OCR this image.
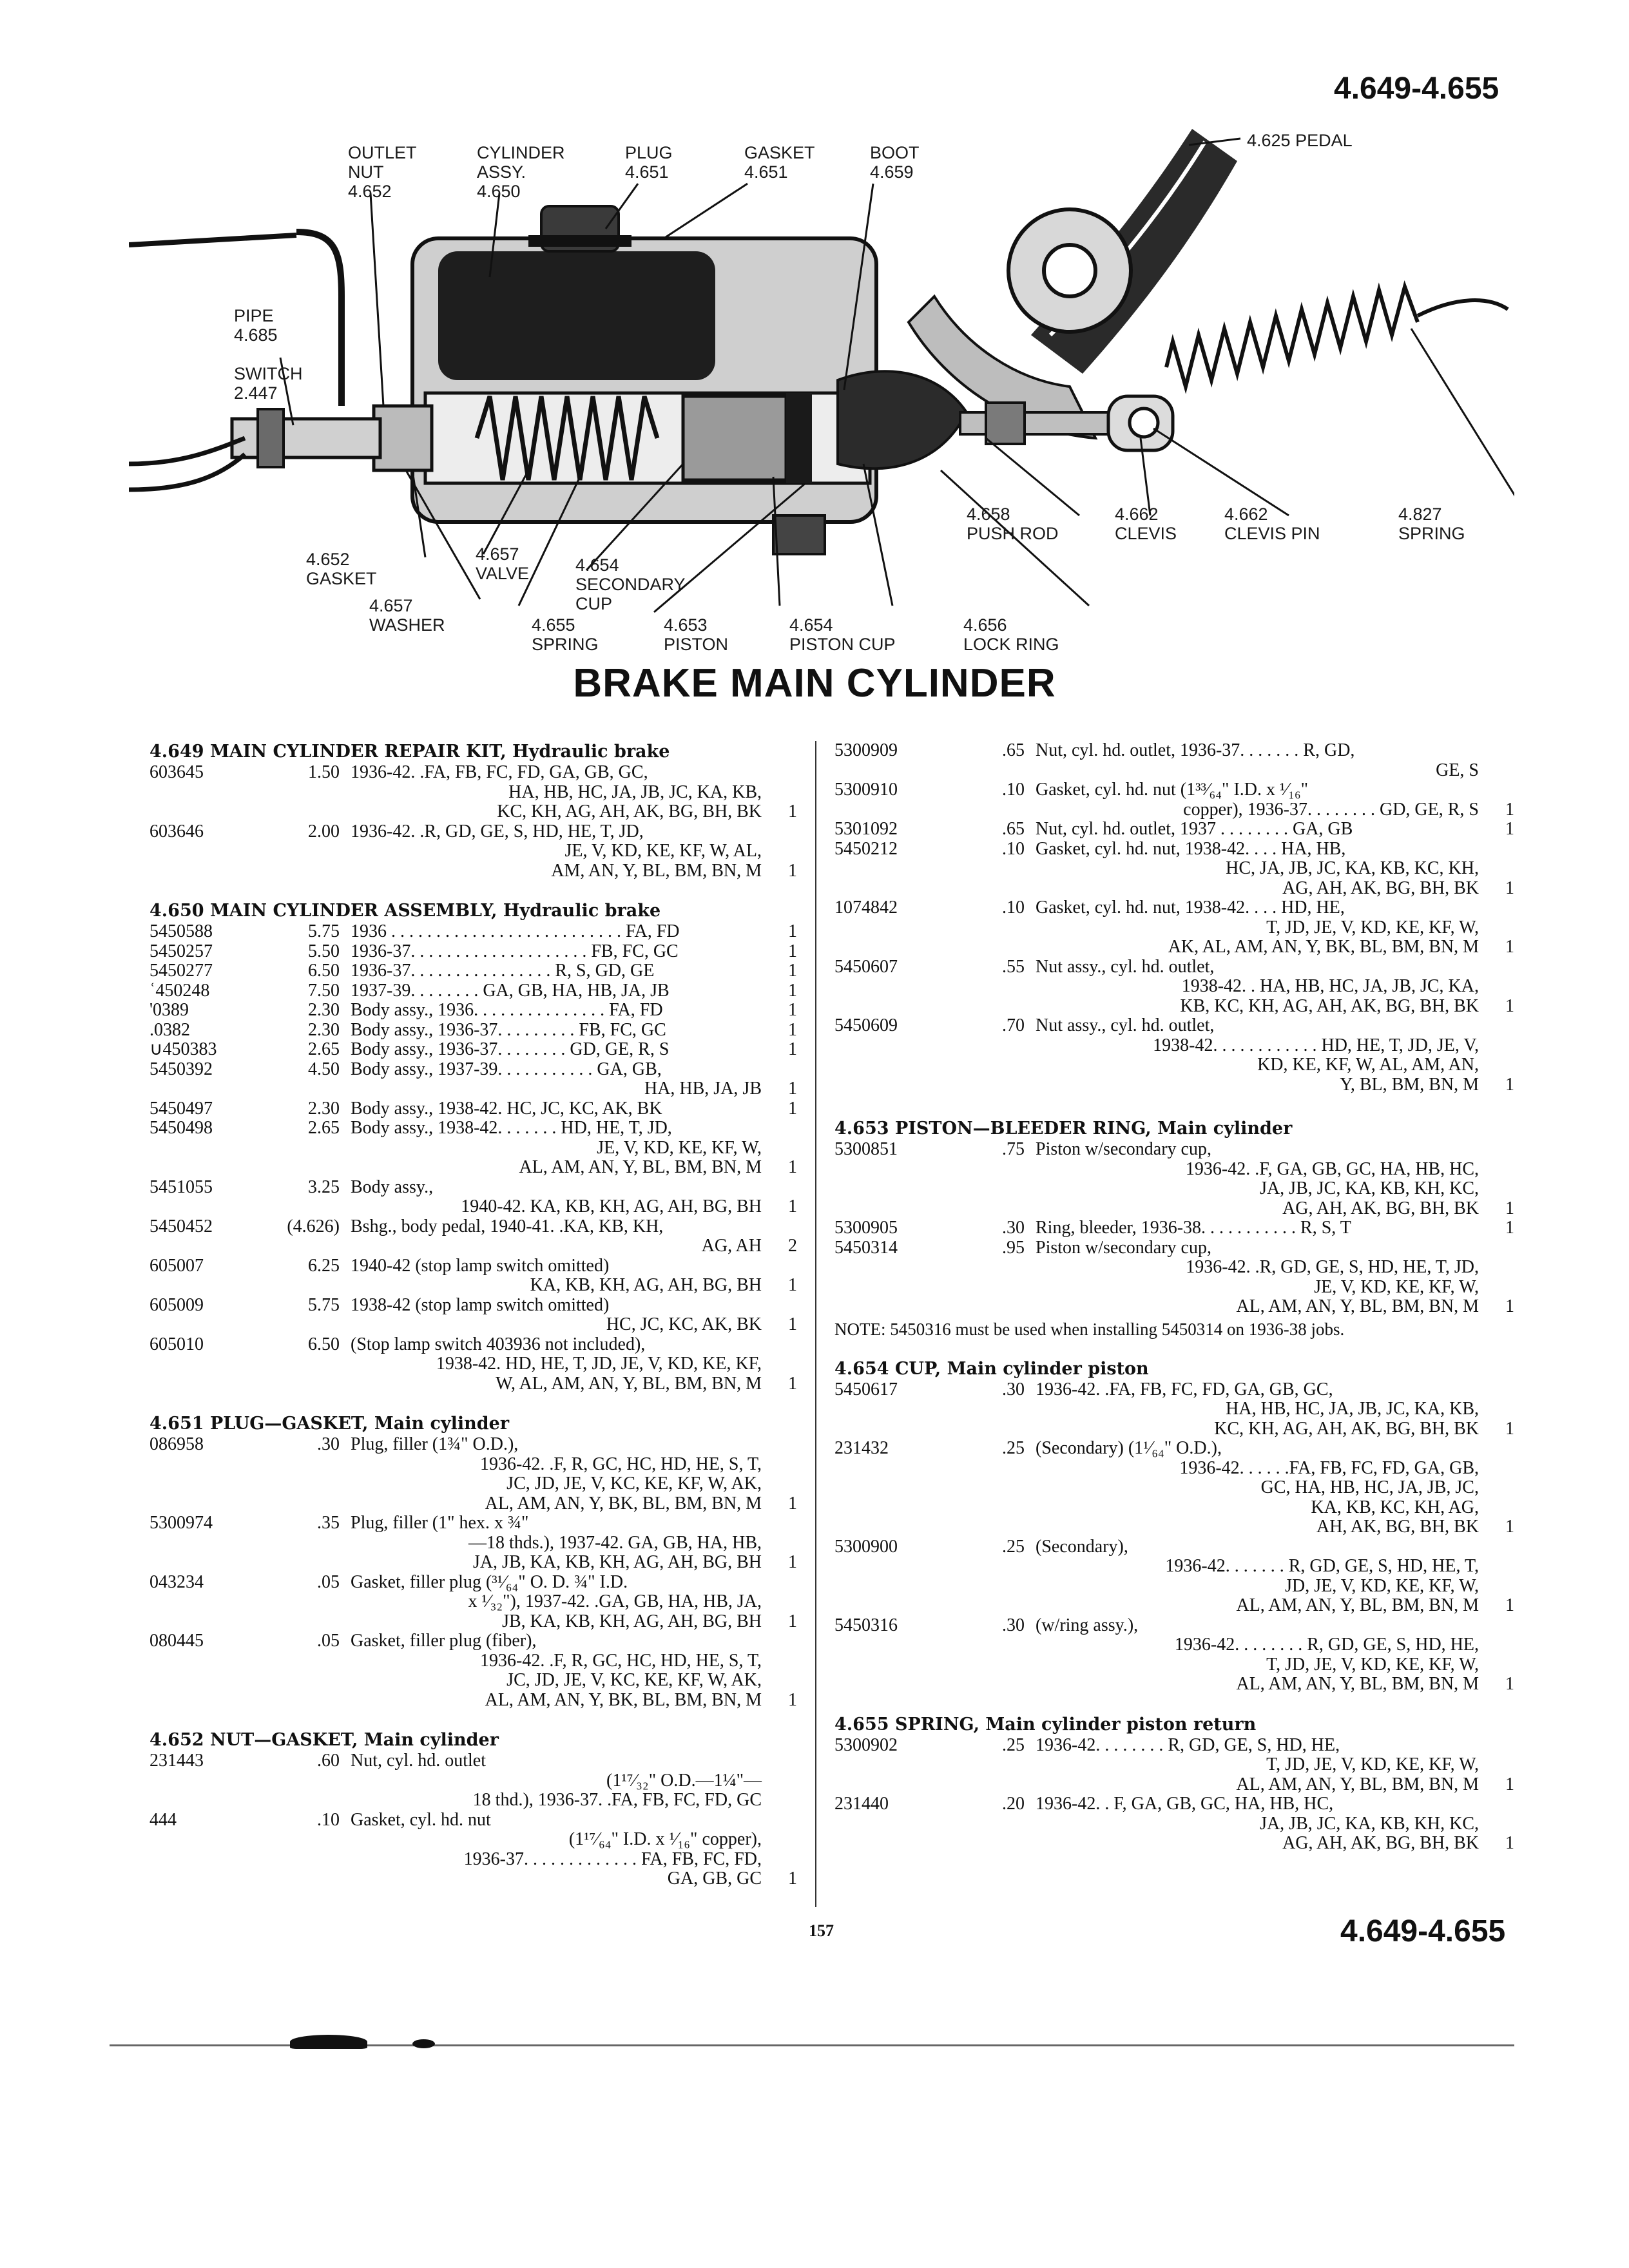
4.649-4.655
OUTLET
NUT
4.652
CYLINDER
ASSY.
4.650
PLUG
4.651
GASKET
4.651
BOOT
4.659
4.625 PEDAL
PIPE
4.685
SWITCH
2.447
4.658
PUSH ROD
4.662
CLEVIS
4.662
CLEVIS PIN
4.827
SPRING
4.652
GASKET
4.657
VALVE	4.654
SECONDARY
CUP
4.657
WASHER	4.655
SPRING
4.653
PISTON
4.654
PISTON CUP
4.656
LOCK RING
BRAKE MAIN CYLINDER
4.649 MAIN CYLINDER REPAIR KIT, Hydraulic brake
603645	1.50 1936-42. .FA, FB, FC, FD, GA, GB, GC,
HA, HB, HC, JA, JB, JC, KA, KB,
KC, KH, AG, AH, AK, BG, BH, BK	1
603646	2.00 1936-42. .R, GD, GE, S, HD, HE, T, JD,
JE, V, KD, KE, KF, W, AL,
AM, AN, Y, BL, BM, BN, M	1
4.650 MAIN CYLINDER ASSEMBLY, Hydraulic brake
5450588	5.75 1936 . . . . . . . . . . . . . . . . . . . . . . . . . . FA, FD	1
5450257	5.50 1936-37. . . . . . . . . . . . . . . . . . . . FB, FC, GC	1
5450277	6.50 1936-37. . . . . . . . . . . . . . . . R, S, GD, GE	1
ʿ450248	7.50 1937-39. . . . . . . . GA, GB, HA, HB, JA, JB	1
'0389	2.30 Body assy., 1936. . . . . . . . . . . . . . . FA, FD	1
.0382	2.30 Body assy., 1936-37. . . . . . . . . FB, FC, GC	1
∪450383	2.65 Body assy., 1936-37. . . . . . . . GD, GE, R, S	1
5450392	4.50 Body assy., 1937-39. . . . . . . . . . . GA, GB,
HA, HB, JA, JB	1
5450497	2.30 Body assy., 1938-42. HC, JC, KC, AK, BK	1
5450498	2.65 Body assy., 1938-42. . . . . . . HD, HE, T, JD,
JE, V, KD, KE, KF, W,
AL, AM, AN, Y, BL, BM, BN, M	1
5451055	3.25 Body assy.,
1940-42. KA, KB, KH, AG, AH, BG, BH	1
5450452	(4.626) Bshg., body pedal, 1940-41. .KA, KB, KH,
AG, AH	2
605007	6.25 1940-42 (stop lamp switch omitted)
KA, KB, KH, AG, AH, BG, BH	1
605009	5.75 1938-42 (stop lamp switch omitted)
HC, JC, KC, AK, BK	1
605010	6.50 (Stop lamp switch 403936 not included),
1938-42. HD, HE, T, JD, JE, V, KD, KE, KF,
W, AL, AM, AN, Y, BL, BM, BN, M	1
4.651 PLUG—GASKET, Main cylinder
086958	.30 Plug, filler (1¾" O.D.),
1936-42. .F, R, GC, HC, HD, HE, S, T,
JC, JD, JE, V, KC, KE, KF, W, AK,
AL, AM, AN, Y, BK, BL, BM, BN, M	1
5300974	.35 Plug, filler (1" hex. x ¾"
—18 thds.), 1937-42. GA, GB, HA, HB,
JA, JB, KA, KB, KH, AG, AH, BG, BH	1
043234	.05 Gasket, filler plug (³¹⁄₆₄" O. D. ¾" I.D.
x ¹⁄₃₂"), 1937-42. .GA, GB, HA, HB, JA,
JB, KA, KB, KH, AG, AH, BG, BH	1
080445	.05 Gasket, filler plug (fiber),
1936-42. .F, R, GC, HC, HD, HE, S, T,
JC, JD, JE, V, KC, KE, KF, W, AK,
AL, AM, AN, Y, BK, BL, BM, BN, M	1
4.652 NUT—GASKET, Main cylinder
231443	.60 Nut, cyl. hd. outlet
(1¹⁷⁄₃₂" O.D.—1¼"—
18 thd.), 1936-37. .FA, FB, FC, FD, GC
444	.10 Gasket, cyl. hd. nut
(1¹⁷⁄₆₄" I.D. x ¹⁄₁₆" copper),
1936-37. . . . . . . . . . . . . FA, FB, FC, FD,
GA, GB, GC	1
5300909	.65 Nut, cyl. hd. outlet, 1936-37. . . . . . . R, GD,
GE, S
5300910	.10 Gasket, cyl. hd. nut (1³³⁄₆₄" I.D. x ¹⁄₁₆"
copper), 1936-37. . . . . . . . GD, GE, R, S	1
5301092	.65 Nut, cyl. hd. outlet, 1937 . . . . . . . . GA, GB	1
5450212	.10 Gasket, cyl. hd. nut, 1938-42. . . . HA, HB,
HC, JA, JB, JC, KA, KB, KC, KH,
AG, AH, AK, BG, BH, BK	1
1074842	.10 Gasket, cyl. hd. nut, 1938-42. . . . HD, HE,
T, JD, JE, V, KD, KE, KF, W,
AK, AL, AM, AN, Y, BK, BL, BM, BN, M	1
5450607	.55 Nut assy., cyl. hd. outlet,
1938-42. . HA, HB, HC, JA, JB, JC, KA,
KB, KC, KH, AG, AH, AK, BG, BH, BK	1
5450609	.70 Nut assy., cyl. hd. outlet,
1938-42. . . . . . . . . . . . HD, HE, T, JD, JE, V,
KD, KE, KF, W, AL, AM, AN,
Y, BL, BM, BN, M	1
4.653 PISTON—BLEEDER RING, Main cylinder
5300851	.75 Piston w/secondary cup,
1936-42. .F, GA, GB, GC, HA, HB, HC,
JA, JB, JC, KA, KB, KH, KC,
AG, AH, AK, BG, BH, BK	1
5300905	.30 Ring, bleeder, 1936-38. . . . . . . . . . . R, S, T	1
5450314	.95 Piston w/secondary cup,
1936-42. .R, GD, GE, S, HD, HE, T, JD,
JE, V, KD, KE, KF, W,
AL, AM, AN, Y, BL, BM, BN, M	1
NOTE: 5450316 must be used when installing 5450314 on 1936-38 jobs.
4.654 CUP, Main cylinder piston
5450617	.30 1936-42. .FA, FB, FC, FD, GA, GB, GC,
HA, HB, HC, JA, JB, JC, KA, KB,
KC, KH, AG, AH, AK, BG, BH, BK	1
231432	.25 (Secondary) (1¹⁄₆₄" O.D.),
1936-42. . . . . .FA, FB, FC, FD, GA, GB,
GC, HA, HB, HC, JA, JB, JC,
KA, KB, KC, KH, AG,
AH, AK, BG, BH, BK	1
5300900	.25 (Secondary),
1936-42. . . . . . . R, GD, GE, S, HD, HE, T,
JD, JE, V, KD, KE, KF, W,
AL, AM, AN, Y, BL, BM, BN, M	1
5450316	.30 (w/ring assy.),
1936-42. . . . . . . . R, GD, GE, S, HD, HE,
T, JD, JE, V, KD, KE, KF, W,
AL, AM, AN, Y, BL, BM, BN, M	1
4.655 SPRING, Main cylinder piston return
5300902	.25 1936-42. . . . . . . . R, GD, GE, S, HD, HE,
T, JD, JE, V, KD, KE, KF, W,
AL, AM, AN, Y, BL, BM, BN, M	1
231440	.20 1936-42. . F, GA, GB, GC, HA, HB, HC,
JA, JB, JC, KA, KB, KH, KC,
AG, AH, AK, BG, BH, BK	1
157	4.649-4.655
